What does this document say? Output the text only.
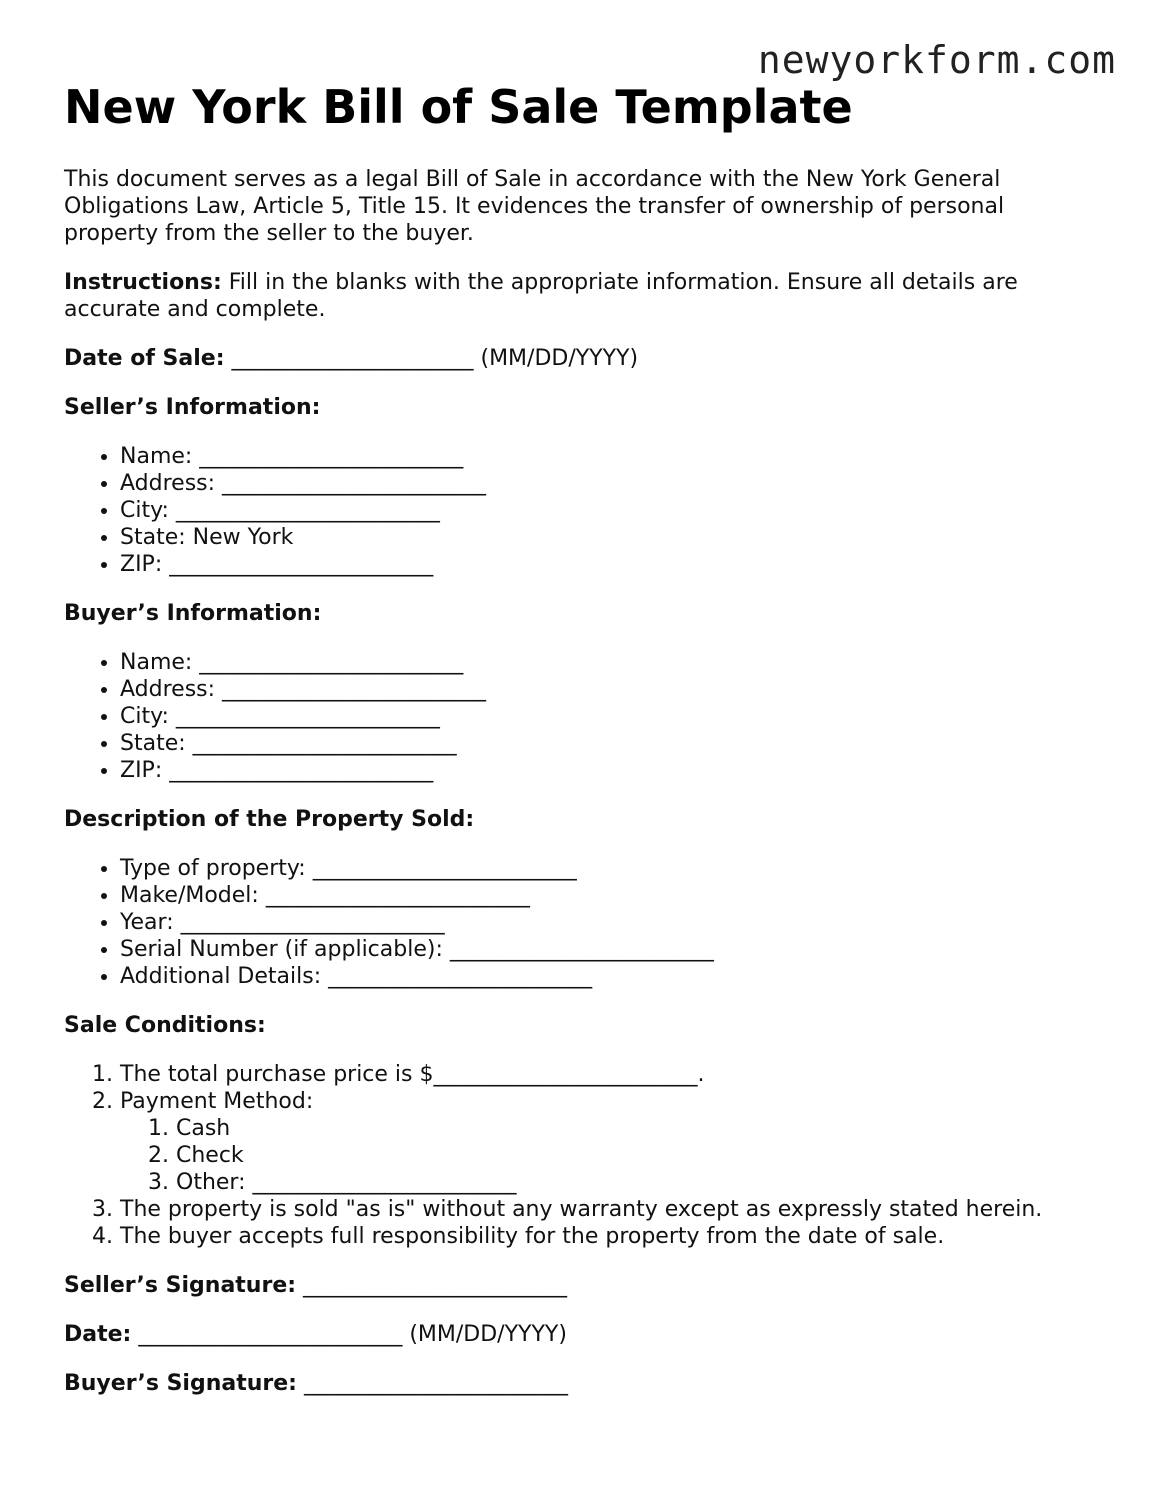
newyorkform.com
New York Bill of Sale Template

This document serves as a legal Bill of Sale in accordance with the New York General Obligations Law, Article 5, Title 15. It evidences the transfer of ownership of personal property from the seller to the buyer.

Instructions: Fill in the blanks with the appropriate information. Ensure all details are accurate and complete.

Date of Sale: ______________________ (MM/DD/YYYY)

Seller’s Information:

• Name: ________________________
• Address: ________________________
• City: ________________________
• State: New York
• ZIP: ________________________

Buyer’s Information:

• Name: ________________________
• Address: ________________________
• City: ________________________
• State: ________________________
• ZIP: ________________________

Description of the Property Sold:

• Type of property: ________________________
• Make/Model: ________________________
• Year: ________________________
• Serial Number (if applicable): ________________________
• Additional Details: ________________________

Sale Conditions:

1. The total purchase price is $________________________.
2. Payment Method:
1. Cash
2. Check
3. Other: ________________________
3. The property is sold "as is" without any warranty except as expressly stated herein.
4. The buyer accepts full responsibility for the property from the date of sale.

Seller’s Signature: ________________________

Date: ________________________ (MM/DD/YYYY)

Buyer’s Signature: ________________________
